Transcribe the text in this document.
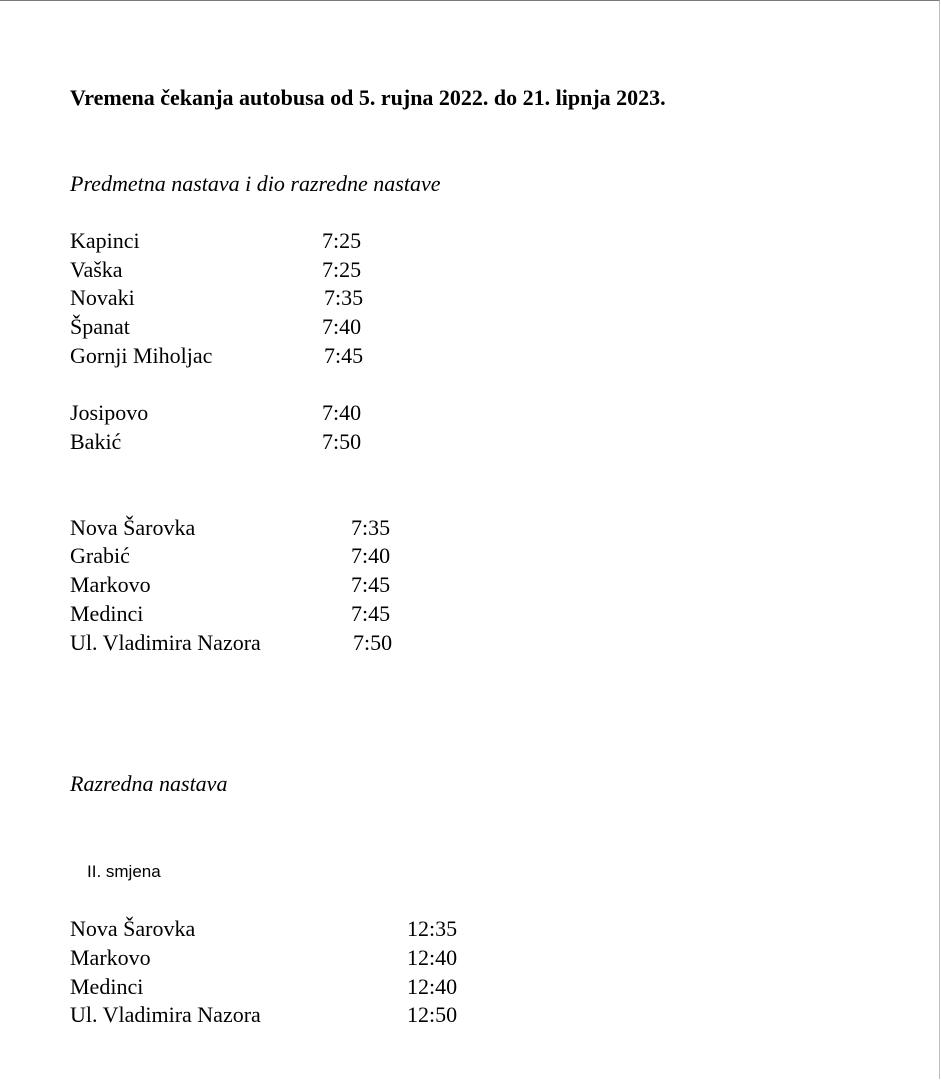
Vremena čekanja autobusa od 5. rujna 2022. do 21. lipnja 2023.
Predmetna nastava i dio razredne nastave
Kapinci	7:25
Vaška	7:25
Novaki	7:35
Španat	7:40
Gornji Miholjac	7:45
Josipovo	7:40
Bakić	7:50
Nova Šarovka	7:35
Grabić	7:40
Markovo	7:45
Medinci	7:45
Ul. Vladimira Nazora	7:50
Razredna nastava
II. smjena
Nova Šarovka	12:35
Markovo	12:40
Medinci	12:40
Ul. Vladimira Nazora	12:50
